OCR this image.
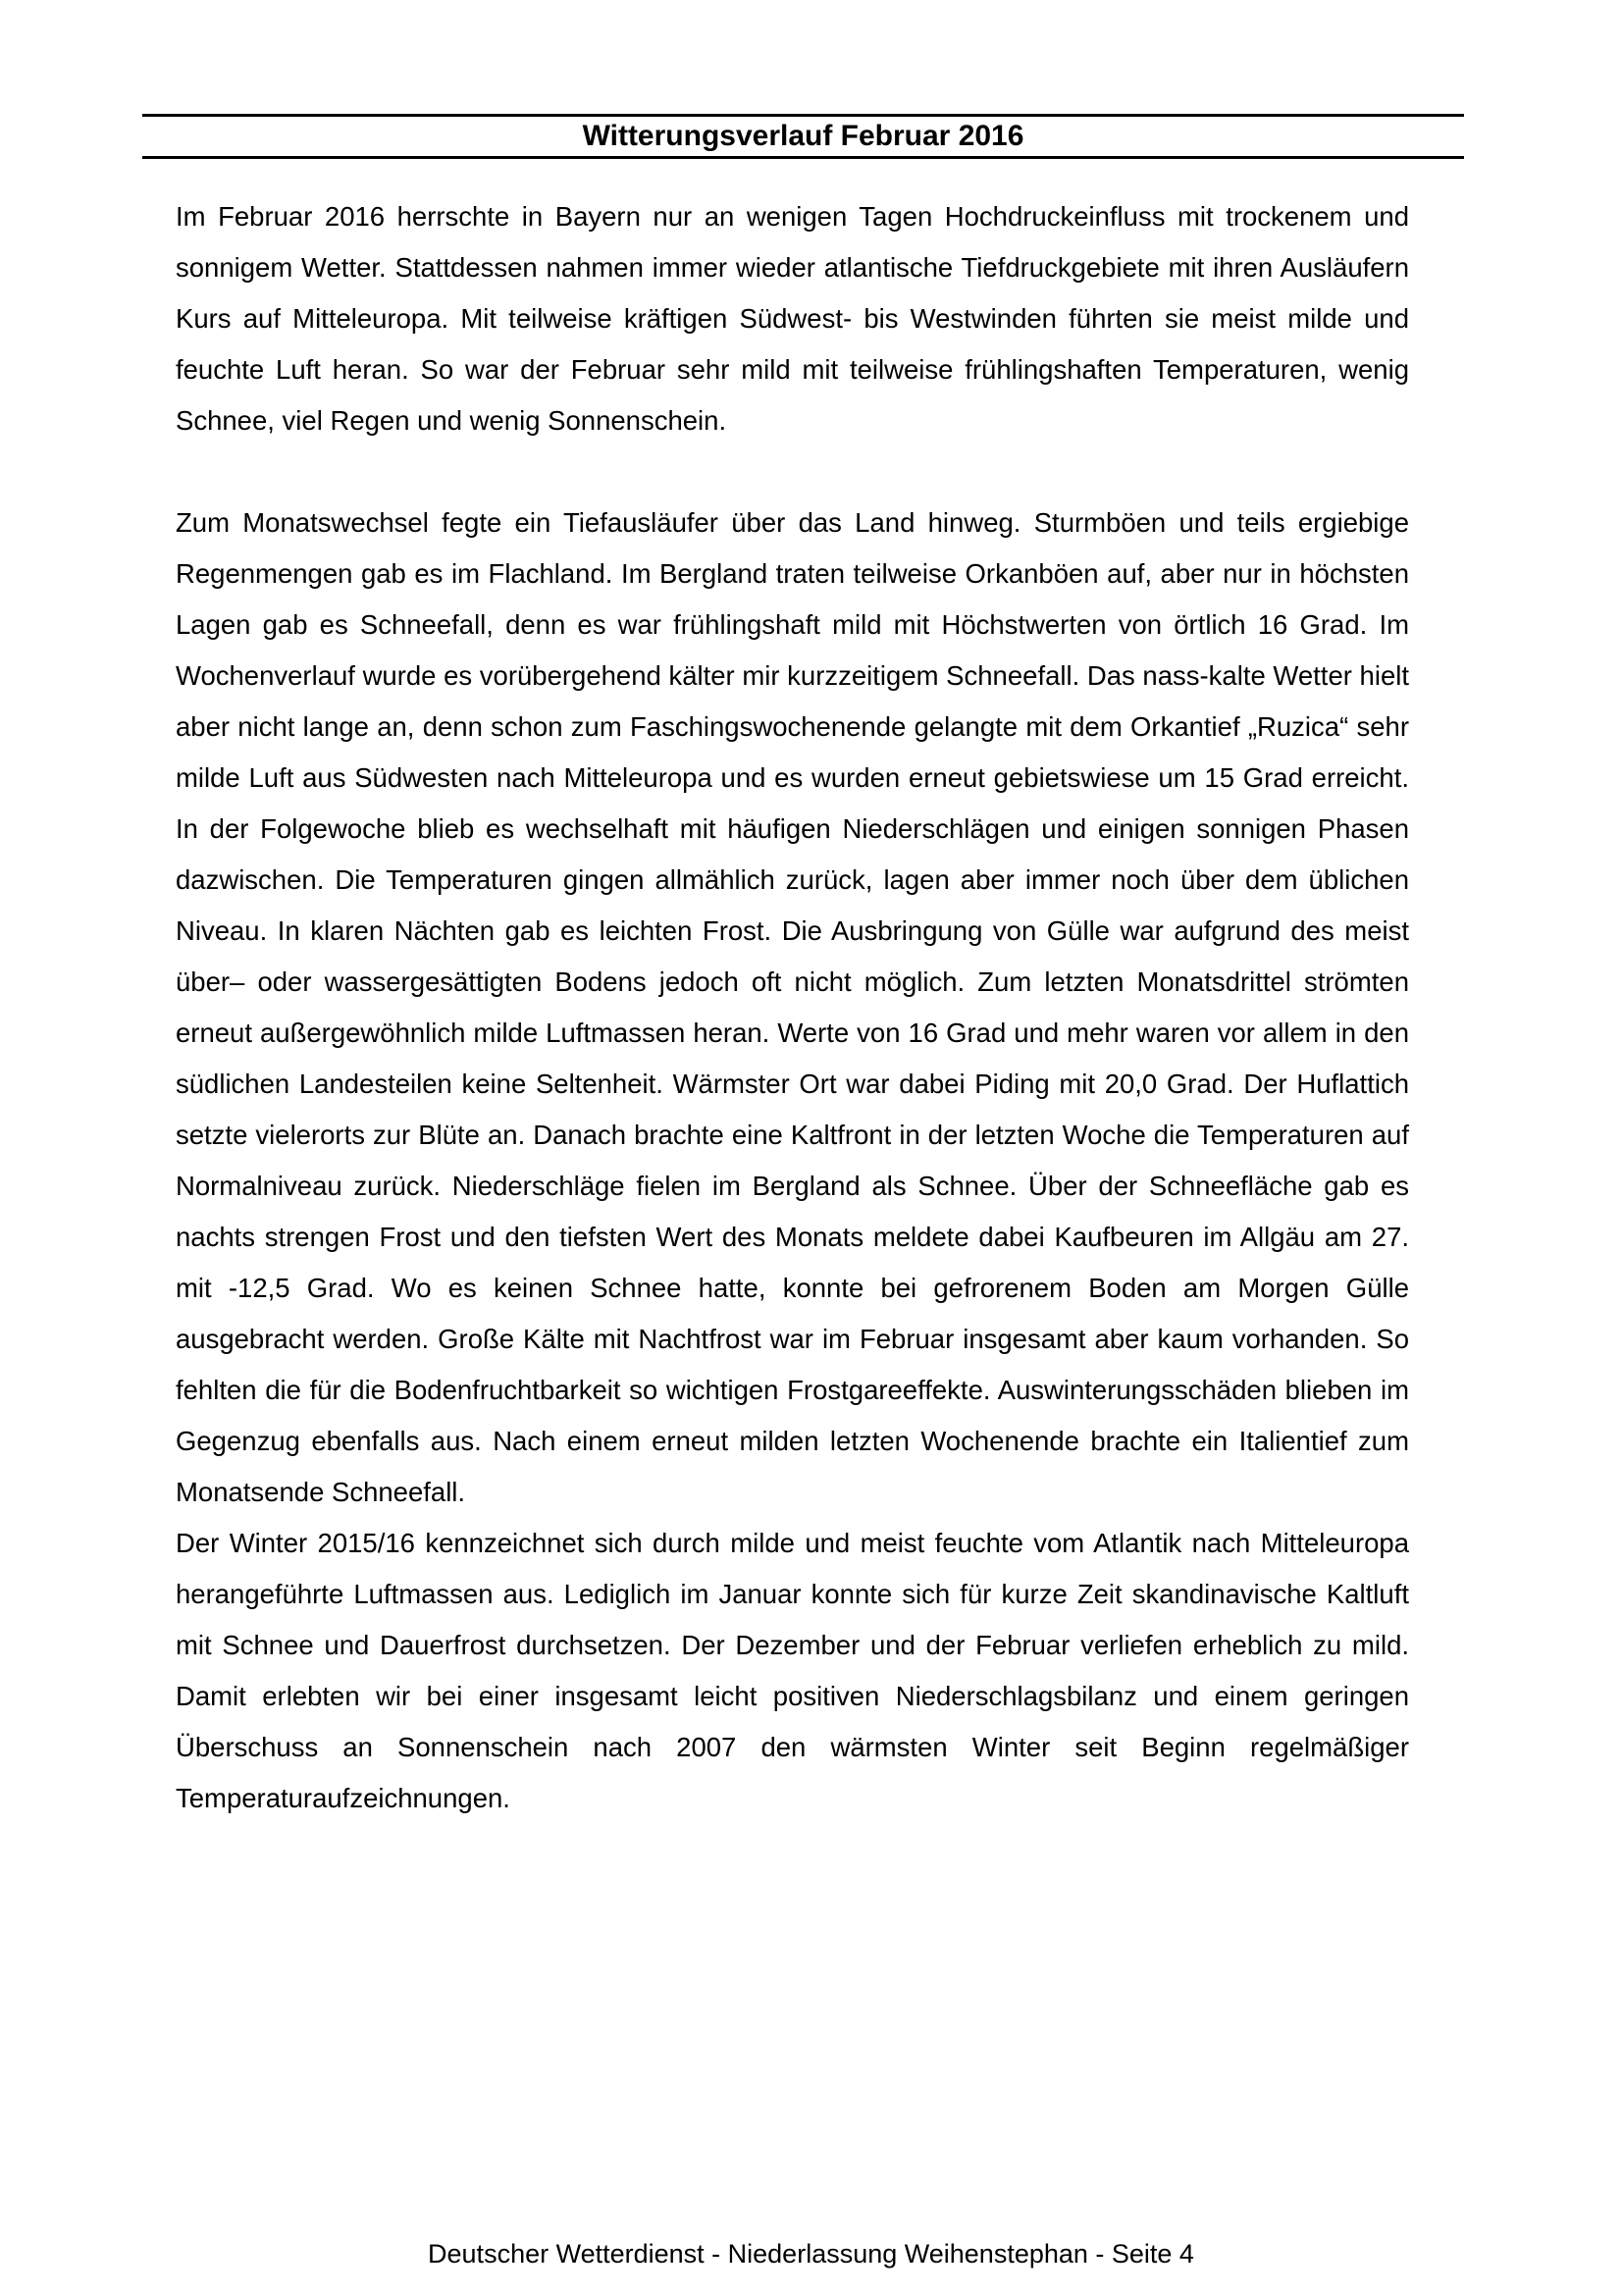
Witterungsverlauf Februar 2016

Im Februar 2016 herrschte in Bayern nur an wenigen Tagen Hochdruckeinfluss mit trockenem und sonnigem Wetter. Stattdessen nahmen immer wieder atlantische Tiefdruckgebiete mit ihren Ausläufern Kurs auf Mitteleuropa. Mit teilweise kräftigen Südwest- bis Westwinden führten sie meist milde und feuchte Luft heran. So war der Februar sehr mild mit teilweise frühlingshaften Temperaturen, wenig Schnee, viel Regen und wenig Sonnenschein.

Zum Monatswechsel fegte ein Tiefausläufer über das Land hinweg. Sturmböen und teils ergiebige Regenmengen gab es im Flachland. Im Bergland traten teilweise Orkanböen auf, aber nur in höchsten Lagen gab es Schneefall, denn es war frühlingshaft mild mit Höchstwerten von örtlich 16 Grad. Im Wochenverlauf wurde es vorübergehend kälter mir kurzzeitigem Schneefall. Das nass-kalte Wetter hielt aber nicht lange an, denn schon zum Faschingswochenende gelangte mit dem Orkantief „Ruzica“ sehr milde Luft aus Südwesten nach Mitteleuropa und es wurden erneut gebietswiese um 15 Grad erreicht. In der Folgewoche blieb es wechselhaft mit häufigen Niederschlägen und einigen sonnigen Phasen dazwischen. Die Temperaturen gingen allmählich zurück, lagen aber immer noch über dem üblichen Niveau. In klaren Nächten gab es leichten Frost. Die Ausbringung von Gülle war aufgrund des meist über– oder wassergesättigten Bodens jedoch oft nicht möglich. Zum letzten Monatsdrittel strömten erneut außergewöhnlich milde Luftmassen heran. Werte von 16 Grad und mehr waren vor allem in den südlichen Landesteilen keine Seltenheit. Wärmster Ort war dabei Piding mit 20,0 Grad. Der Huflattich setzte vielerorts zur Blüte an. Danach brachte eine Kaltfront in der letzten Woche die Temperaturen auf Normalniveau zurück. Niederschläge fielen im Bergland als Schnee. Über der Schneefläche gab es nachts strengen Frost und den tiefsten Wert des Monats meldete dabei Kaufbeuren im Allgäu am 27. mit -12,5 Grad. Wo es keinen Schnee hatte, konnte bei gefrorenem Boden am Morgen Gülle ausgebracht werden. Große Kälte mit Nachtfrost war im Februar insgesamt aber kaum vorhanden. So fehlten die für die Bodenfruchtbarkeit so wichtigen Frostgareeffekte. Auswinterungsschäden blieben im Gegenzug ebenfalls aus. Nach einem erneut milden letzten Wochenende brachte ein Italientief zum Monatsende Schneefall.

Der Winter 2015/16 kennzeichnet sich durch milde und meist feuchte vom Atlantik nach Mitteleuropa herangeführte Luftmassen aus. Lediglich im Januar konnte sich für kurze Zeit skandinavische Kaltluft mit Schnee und Dauerfrost durchsetzen. Der Dezember und der Februar verliefen erheblich zu mild. Damit erlebten wir bei einer insgesamt leicht positiven Niederschlagsbilanz und einem geringen Überschuss an Sonnenschein nach 2007 den wärmsten Winter seit Beginn regelmäßiger Temperaturaufzeichnungen.

Deutscher Wetterdienst - Niederlassung Weihenstephan - Seite 4
